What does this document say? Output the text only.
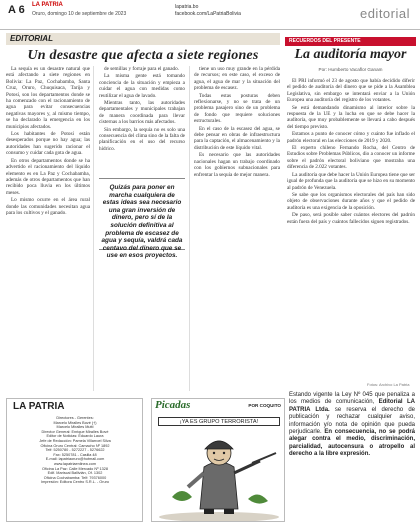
A 6 LA PATRIA
Oruro, domingo 10 de septiembre de 2023
lapatria.bo
facebook.com/LaPatriaBolivia	editorial
EDITORIAL
Un desastre que afecta a siete regiones

La sequía es un desastre natural que está afectando a siete regiones en Bolivia: La Paz, Cochabamba, Santa Cruz, Oruro, Chuquisaca, Tarija y Potosí, son los departamentos donde se ha comenzado con el racionamiento de agua para evitar consecuencias negativas mayores y, al mismo tiempo, se ha declarado la emergencia en los municipios afectados.

Los habitantes de Potosí están desesperados porque no hay agua; las autoridades han sugerido racionar el consumo y cuidar cada gota de agua.

En otros departamentos donde se ha advertido el racionamiento del líquido elemento es en La Paz y Cochabamba, además de otros departamentos que han recibido poca lluvia en los últimos meses.

Lo mismo ocurre en el área rural donde las comunidades necesitan agua para los cultivos y el ganado.

de semillas y forraje para el ganado.

La misma gente está tomando conciencia de la situación y empieza a cuidar el agua con medidas como reutilizar el agua de lavado.

Mientras tanto, las autoridades departamentales y municipales trabajan de manera coordinada para llevar cisternas a los barrios más afectados.

Sin embargo, la sequía no es solo una consecuencia del clima sino de la falta de planificación en el uso del recurso hídrico.

Quizás para poner en marcha cualquiera de estas ideas sea necesario una gran inversión de dinero, pero sí de la solución definitiva al problema de escasez de agua y sequía, valdrá cada centavo del dinero que se use en esos proyectos.

tiene un uso muy grande en la pérdida de recursos; en este caso, el exceso de agua, el agua de mar y la situación del problema de escasez.

Todas estas posturas deben reflexionarse, y no se trata de un problema pasajero sino de un problema de fondo que requiere soluciones estructurales.

En el caso de la escasez del agua, se debe pensar en obras de infraestructura para la captación, el almacenamiento y la distribución de este líquido vital.

Es necesario que las autoridades nacionales hagan un trabajo coordinado con los gobiernos subnacionales para enfrentar la sequía de mejor manera.

RECUERDOS DEL PRESENTE
La auditoría mayor
Por: Humberto Vacaflor Ganam

El PRI informó el 23 de agosto que había decidido diferir el pedido de auditoría del dinero que se pide a la Asamblea Legislativa, sin embargo se intentará enviar a la Unión Europea una auditoría del registro de los votantes.

Se está demandando dinamismo al interior sobre la respuesta de la UE y la lucha en que se debe hacer la auditoría, que muy probablemente se llevará a cabo después del tiempo previsto.

Estamos a punto de conocer cómo y cuánto fue inflado el padrón electoral en las elecciones de 2019 y 2020.

El experto chileno Fernando Rocha, del Centro de Estudios sobre Problemas Públicos, dio a conocer un informe sobre el padrón electoral boliviano que mostraba una diferencia de 2.022 votantes.

La auditoría que debe hacer la Unión Europea tiene que ser igual de profunda que la auditoría que se hizo en su momento al padrón de Venezuela.

Se sabe que los organismos electorales del país han sido objeto de observaciones durante años y que el pedido de auditoría es una exigencia de la oposición.

De paso, será posible saber cuántos electores del padrón están fuera del país y cuántos fallecidos siguen registrados.

Fotos: Archivo La Patria
LA PATRIA
Directores - Gerentes:
Marcelo Miralles Bové (†)
Marcelo Miralles Mutti
Director General: Enrique Miralles Bové
Editor de Noticias: Eduardo Laura
Jefe de Redacción: Pamela Villarroel Silva
Oficina Oruro Central: Camacho Nº 1892
Telf: 5250780 - 5272227 - 5276622
Fax: 5250781 - Casilla 48
E-mail: lapatriaoruro@hotmail.com
www.lapatriaenlinea.com
Oficina La Paz: Calle Mercado Nº 1328
Edif. Mariscal Ballivián, Of. 1302
Oficina Cochabamba: Telf: 79376000
Impresión: Editora Centro S.R.L. - Oruro
Picadas	POR COQUITO
¡YA ES GRUPO TERRORISTA!
Estando vigente la Ley Nº 045 que penaliza a los medios de comunicación, Editorial LA PATRIA Ltda. se reserva el derecho de publicación y rechazar cualquier aviso, información y/o nota de opinión que pueda perjudicarle. En consecuencia, no se podrá alegar contra el medio, discriminación, parcialidad, autocensura o atropello al derecho a la libre expresión.
